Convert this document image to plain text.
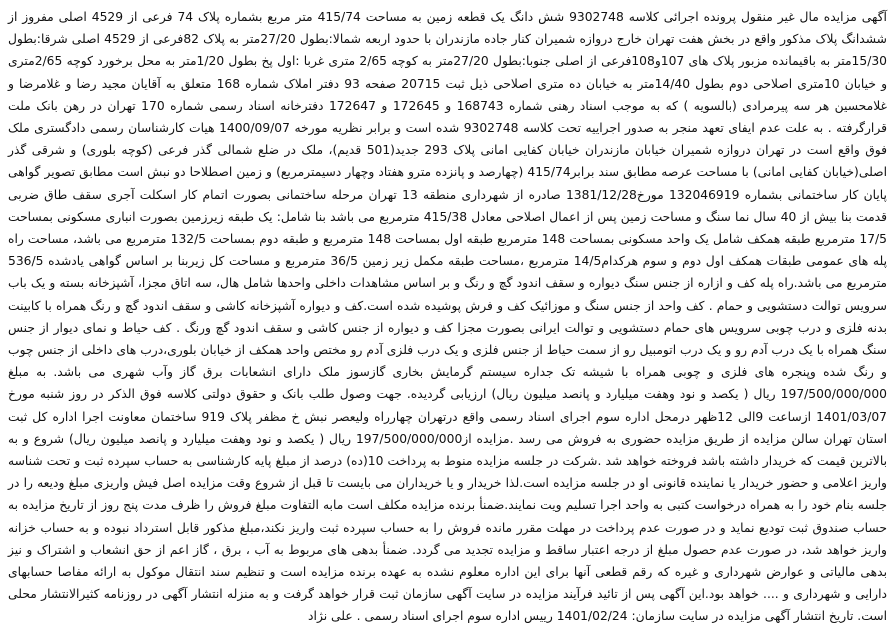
آگهی مزایده مال غیر منقول پرونده اجرائی کلاسه 9302748 شش دانگ یک قطعه زمین به مساحت 415/74 متر مربع بشماره پلاک 74 فرعی از 4529 اصلی مفروز از ششدانگ پلاک مذکور واقع در بخش هفت تهران خارج دروازه شمیران کنار جاده مازندران با حدود اربعه شمالا:بطول 27/20متر به پلاک 82فرعی از 4529 اصلی شرقا:بطول 15/30متر به باقیمانده مزبور پلاک های 107و108فرعی از اصلی جنوبا:بطول 27/20متر به کوچه 2/65 متری غربا :اول پخ بطول 1/20متر به محل برخورد کوچه 2/65متری و خیابان 10متری اصلاحی دوم بطول 14/40متر به خیابان ده متری اصلاحی ذیل ثبت 20715 صفحه 93 دفتر املاک شماره 168 متعلق به آقایان مجید رضا و غلامرضا و غلامحسین هر سه پیرمرادی (بالسویه ) که به موجب اسناد رهنی شماره 168743 و 172645 و 172647 دفترخانه اسناد رسمی شماره 170 تهران در رهن بانک ملت قرارگرفته . به علت عدم ایفای تعهد منجر به صدور اجراییه تحت کلاسه 9302748 شده است و برابر نظریه مورخه 1400/09/07 هیات کارشناسان رسمی دادگستری ملک فوق واقع است در تهران دروازه شمیران خیابان مازندران خیابان کفایی امانی پلاک 293 جدید(501 قدیم)، ملک در ضلع شمالی گذر فرعی (کوچه بلوری) و شرقی گذر اصلی(خیابان کفایی امانی) با مساحت عرصه مطابق سند برابر415/74 (چهارصد و پانزده مترو هفتاد وچهار دسیمترمربع) و زمین اصطلاحا دو نبش است مطابق تصویر گواهی پایان کار ساختمانی بشماره 132046919 مورخ1381/12/28 صادره از شهرداری منطقه 13 تهران مرحله ساختمانی بصورت اتمام کار اسکلت آجری سقف طاق ضربی قدمت بنا بیش از 40 سال نما سنگ و مساحت زمین پس از اعمال اصلاحی معادل 415/38 مترمربع می باشد بنا شامل: یک طبقه زیرزمین بصورت انباری مسکونی بمساحت 17/5 مترمربع طبقه همکف شامل یک واحد مسکونی بمساحت 148 مترمربع طبقه اول بمساحت 148 مترمربع و طبقه دوم بمساحت 132/5 مترمربع می باشد، مساحت راه پله های عمومی طبقات همکف اول دوم و سوم هرکدام14/5 مترمربع ،مساحت طبقه مکمل زیر زمین 36/5 مترمربع و مساحت کل زیربنا بر اساس گواهی یادشده 536/5 مترمربع می باشد.راه پله کف و ازاره از جنس سنگ دیواره و سقف اندود گچ و رنگ و بر اساس مشاهدات داخلی واحدها شامل هال، سه اتاق مجزا، آشپزخانه بسته و یک باب سرویس توالت دستشویی و حمام . کف واحد از جنس سنگ و موزائیک کف و فرش پوشیده شده است.کف و دیواره آشپزخانه کاشی و سقف اندود گچ و رنگ همراه با کابینت بدنه فلزی و درب چوبی سرویس های حمام دستشویی و توالت ایرانی بصورت مجزا کف و دیواره از جنس کاشی و سقف اندود گچ ورنگ . کف حیاط و نمای دیوار از جنس سنگ همراه با یک درب آدم رو و یک درب اتومبیل رو از سمت حیاط از جنس فلزی و یک درب فلزی آدم رو مختص واحد همکف از خیابان بلوری،درب های داخلی از جنس چوب و رنگ شده وپنجره های فلزی و چوبی همراه با شیشه تک جداره سیستم گرمایش بخاری گازسوز ملک دارای انشعابات برق گاز وآب شهری می باشد. به مبلغ 197/500/000/000 ریال ( یکصد و نود وهفت میلیارد و پانصد میلیون ریال) ارزیابی گردیده. جهت وصول طلب بانک و حقوق دولتی کلاسه فوق الذکر در روز شنبه مورخ 1401/03/07 ازساعت 9الی 12ظهر درمحل اداره سوم اجرای اسناد رسمی واقع درتهران چهارراه ولیعصر نبش خ مظفر پلاک 919 ساختمان معاونت اجرا اداره کل ثبت استان تهران سالن مزایده از طریق مزایده حضوری به فروش می رسد .مزایده از197/500/000/000 ریال ( یکصد و نود وهفت میلیارد و پانصد میلیون ریال) شروع و به بالاترین قیمت که خریدار داشته باشد فروخته خواهد شد .شرکت در جلسه مزایده منوط به پرداخت 10(ده) درصد از مبلغ پایه کارشناسی به حساب سپرده ثبت و تحت شناسه واریز اعلامی و حضور خریدار یا نماینده قانونی او در جلسه مزایده است.لذا خریدار و یا خریداران می بایست تا قبل از شروع وقت مزایده اصل فیش واریزی مبلغ ودیعه را در جلسه بنام خود را به همراه درخواست کتبی به واحد اجرا تسلیم ویت نمایند.ضمنأ برنده مزایده مکلف است مابه التفاوت مبلغ فروش را ظرف مدت پنج روز از تاریخ مزایده به حساب صندوق ثبت تودیع نماید و در صورت عدم پرداخت در مهلت مقرر مانده فروش را به حساب سپرده ثبت واریز نکند،مبلغ مذکور قابل استرداد نبوده و به حساب خزانه واریز خواهد شد، در صورت عدم حصول مبلغ از درجه اعتبار ساقط و مزایده تجدید می گردد. ضمنأ بدهی های مربوط به آب ، برق ، گاز اعم از حق انشعاب و اشتراک و نیز بدهی مالیاتی و عوارض شهرداری و غیره که رقم قطعی آنها برای این اداره معلوم نشده به عهده برنده مزایده است و تنظیم سند انتقال موکول به ارائه مفاصا حسابهای دارایی و شهرداری و .... خواهد بود.این آگهی پس از تائید فرآیند مزایده در سایت آگهی سازمان ثبت قرار خواهد گرفت و به منزله انتشار آگهی در روزنامه کثیرالانتشار محلی است. تاریخ انتشار آگهی مزایده در سایت سازمان: 1401/02/24 رییس اداره سوم اجرای اسناد رسمی . علی نژاد
